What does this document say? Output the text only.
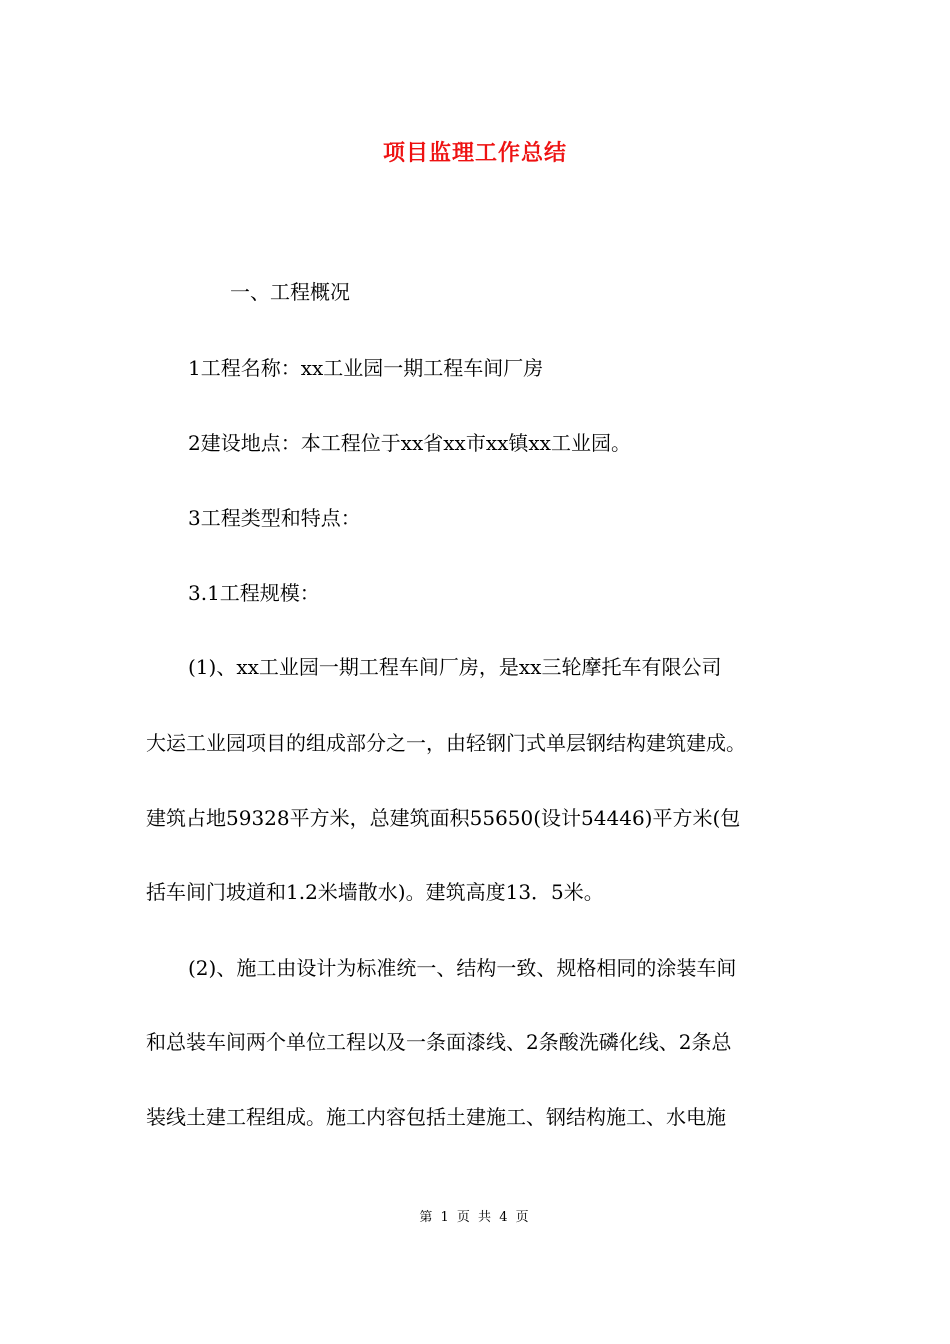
项目监理工作总结
一、工程概况
1工程名称：xx工业园一期工程车间厂房
2建设地点：本工程位于xx省xx市xx镇xx工业园。
3工程类型和特点：
3.1工程规模：
(1)、xx工业园一期工程车间厂房，是xx三轮摩托车有限公司
大运工业园项目的组成部分之一，由轻钢门式单层钢结构建筑建成。
建筑占地59328平方米，总建筑面积55650(设计54446)平方米(包
括车间门坡道和1.2米墙散水)。建筑高度13．5米。
(2)、施工由设计为标准统一、结构一致、规格相同的涂装车间
和总装车间两个单位工程以及一条面漆线、2条酸洗磷化线、2条总
装线土建工程组成。施工内容包括土建施工、钢结构施工、水电施
第 1 页 共 4 页
